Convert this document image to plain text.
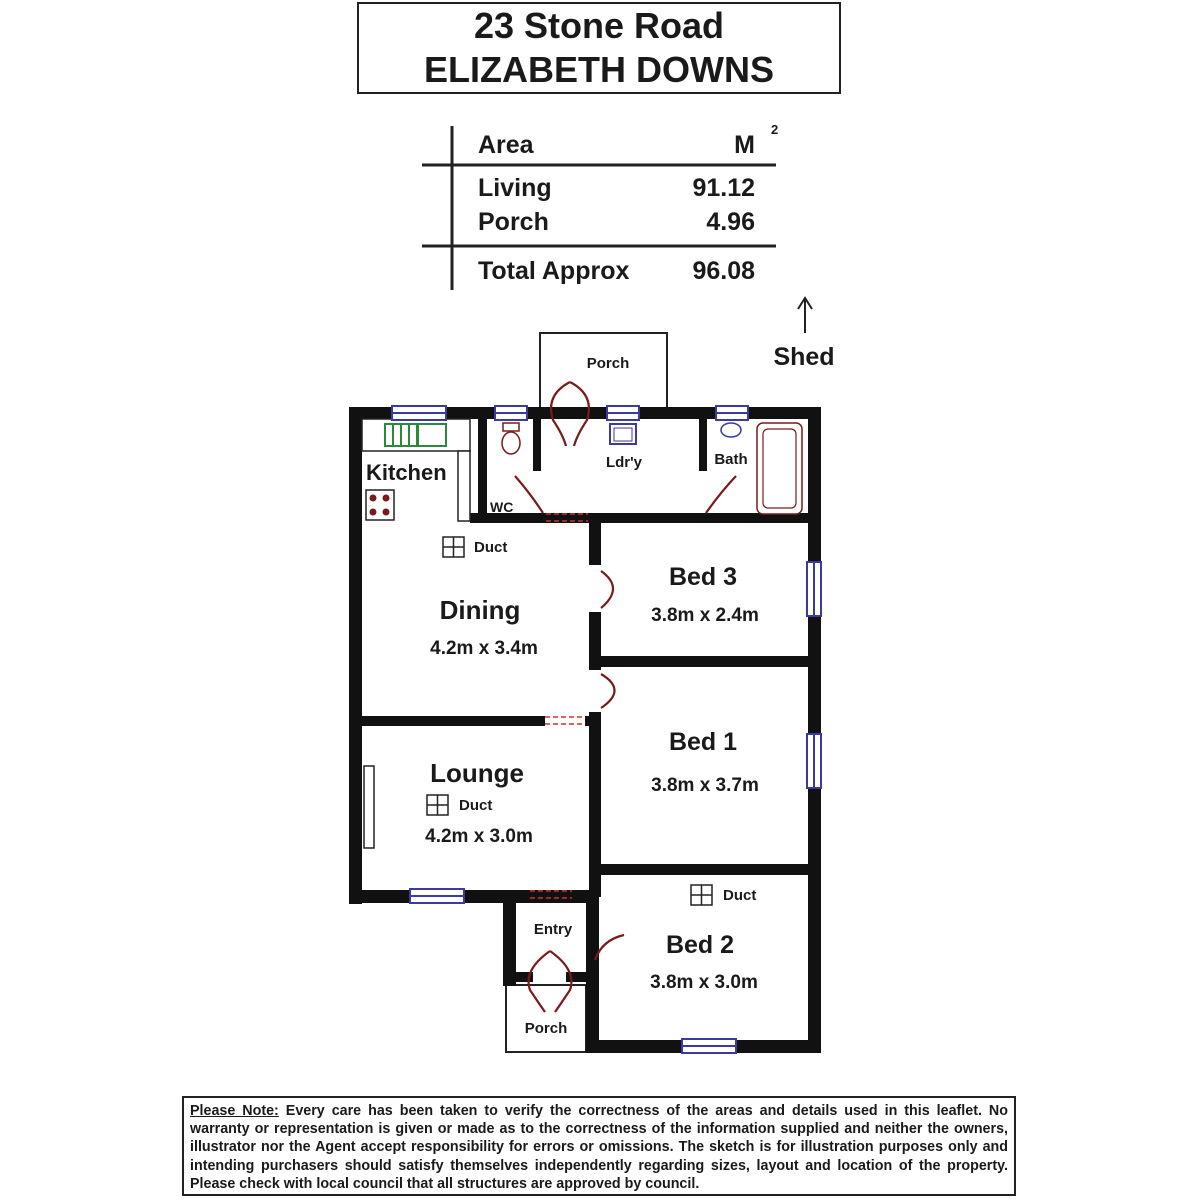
23 Stone Road
ELIZABETH DOWNS
Area	M
2
Living	91.12
Porch	4.96
Total Approx	96.08
Shed
Porch
Ldr'y	Bath
Kitchen
WC
Duct
Dining
4.2m x 3.4m
Bed 3
3.8m x 2.4m
Bed 1
3.8m x 3.7m
Lounge
Duct
4.2m x 3.0m
Duct
Bed 2
3.8m x 3.0m
Entry
Porch
Please Note: Every care has been taken to verify the correctness of the areas and details used in this leaflet. No warranty or representation is given or made as to the correctness of the information supplied and neither the owners, illustrator nor the Agent accept responsibility for errors or omissions. The sketch is for illustration purposes only and intending purchasers should satisfy themselves independently regarding sizes, layout and location of the property. Please check with local council that all structures are approved by council.
